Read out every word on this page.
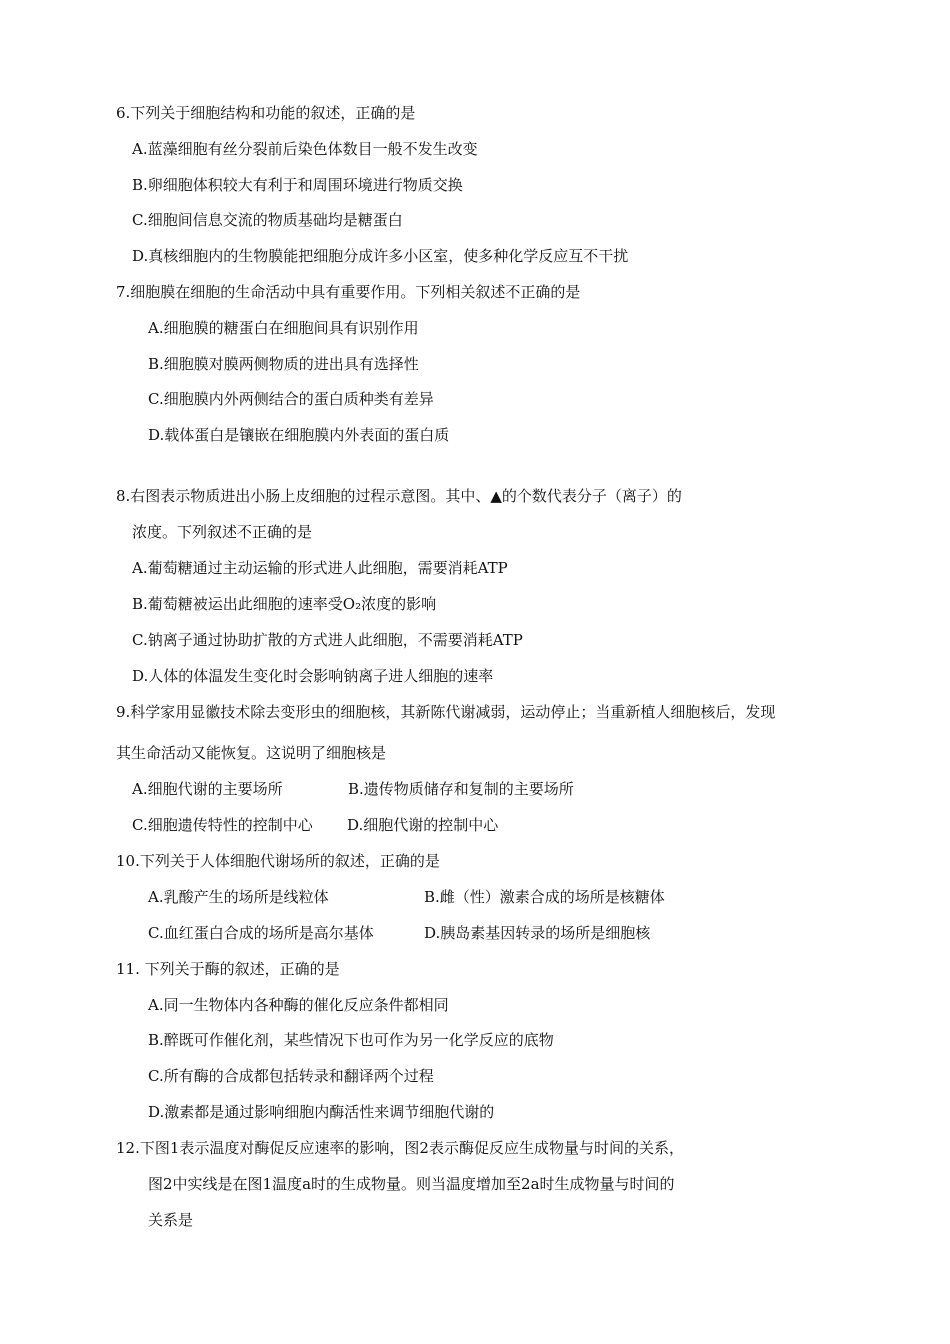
6.下列关于细胞结构和功能的叙述，正确的是
A.蓝藻细胞有丝分裂前后染色体数目一般不发生改变
B.卵细胞体积较大有利于和周围环境进行物质交换
C.细胞间信息交流的物质基础均是糖蛋白
D.真核细胞内的生物膜能把细胞分成许多小区室，使多种化学反应互不干扰
7.细胞膜在细胞的生命活动中具有重要作用。下列相关叙述不正确的是
A.细胞膜的糖蛋白在细胞间具有识别作用
B.细胞膜对膜两侧物质的进出具有选择性
C.细胞膜内外两侧结合的蛋白质种类有差异
D.载体蛋白是镶嵌在细胞膜内外表面的蛋白质
8.右图表示物质进出小肠上皮细胞的过程示意图。其中、▲的个数代表分子（离子）的
浓度。下列叙述不正确的是
A.葡萄糖通过主动运输的形式进人此细胞，需要消耗ATP
B.葡萄糖被运出此细胞的速率受O₂浓度的影响
C.钠离子通过协助扩散的方式进人此细胞，不需要消耗ATP
D.人体的体温发生变化时会影响钠离子进人细胞的速率
9.科学家用显徽技术除去变形虫的细胞核，其新陈代谢减弱，运动停止；当重新植人细胞核后，发现
其生命活动又能恢复。这说明了细胞核是
A.细胞代谢的主要场所	B.遗传物质储存和复制的主要场所
C.细胞遗传特性的控制中心 D.细胞代谢的控制中心
10.下列关于人体细胞代谢场所的叙述，正确的是
A.乳酸产生的场所是线粒体	B.雌（性）激素合成的场所是核糖体
C.血红蛋白合成的场所是高尔基体	D.胰岛素基因转录的场所是细胞核
11. 下列关于酶的叙述，正确的是
A.同一生物体内各种酶的催化反应条件都相同
B.醉既可作催化剂，某些情况下也可作为另一化学反应的底物
C.所有酶的合成都包括转录和翻译两个过程
D.激素都是通过影响细胞内酶活性来调节细胞代谢的
12.下图1表示温度对酶促反应速率的影响，图2表示酶促反应生成物量与时间的关系，
图2中实线是在图1温度a时的生成物量。则当温度增加至2a时生成物量与时间的
关系是
